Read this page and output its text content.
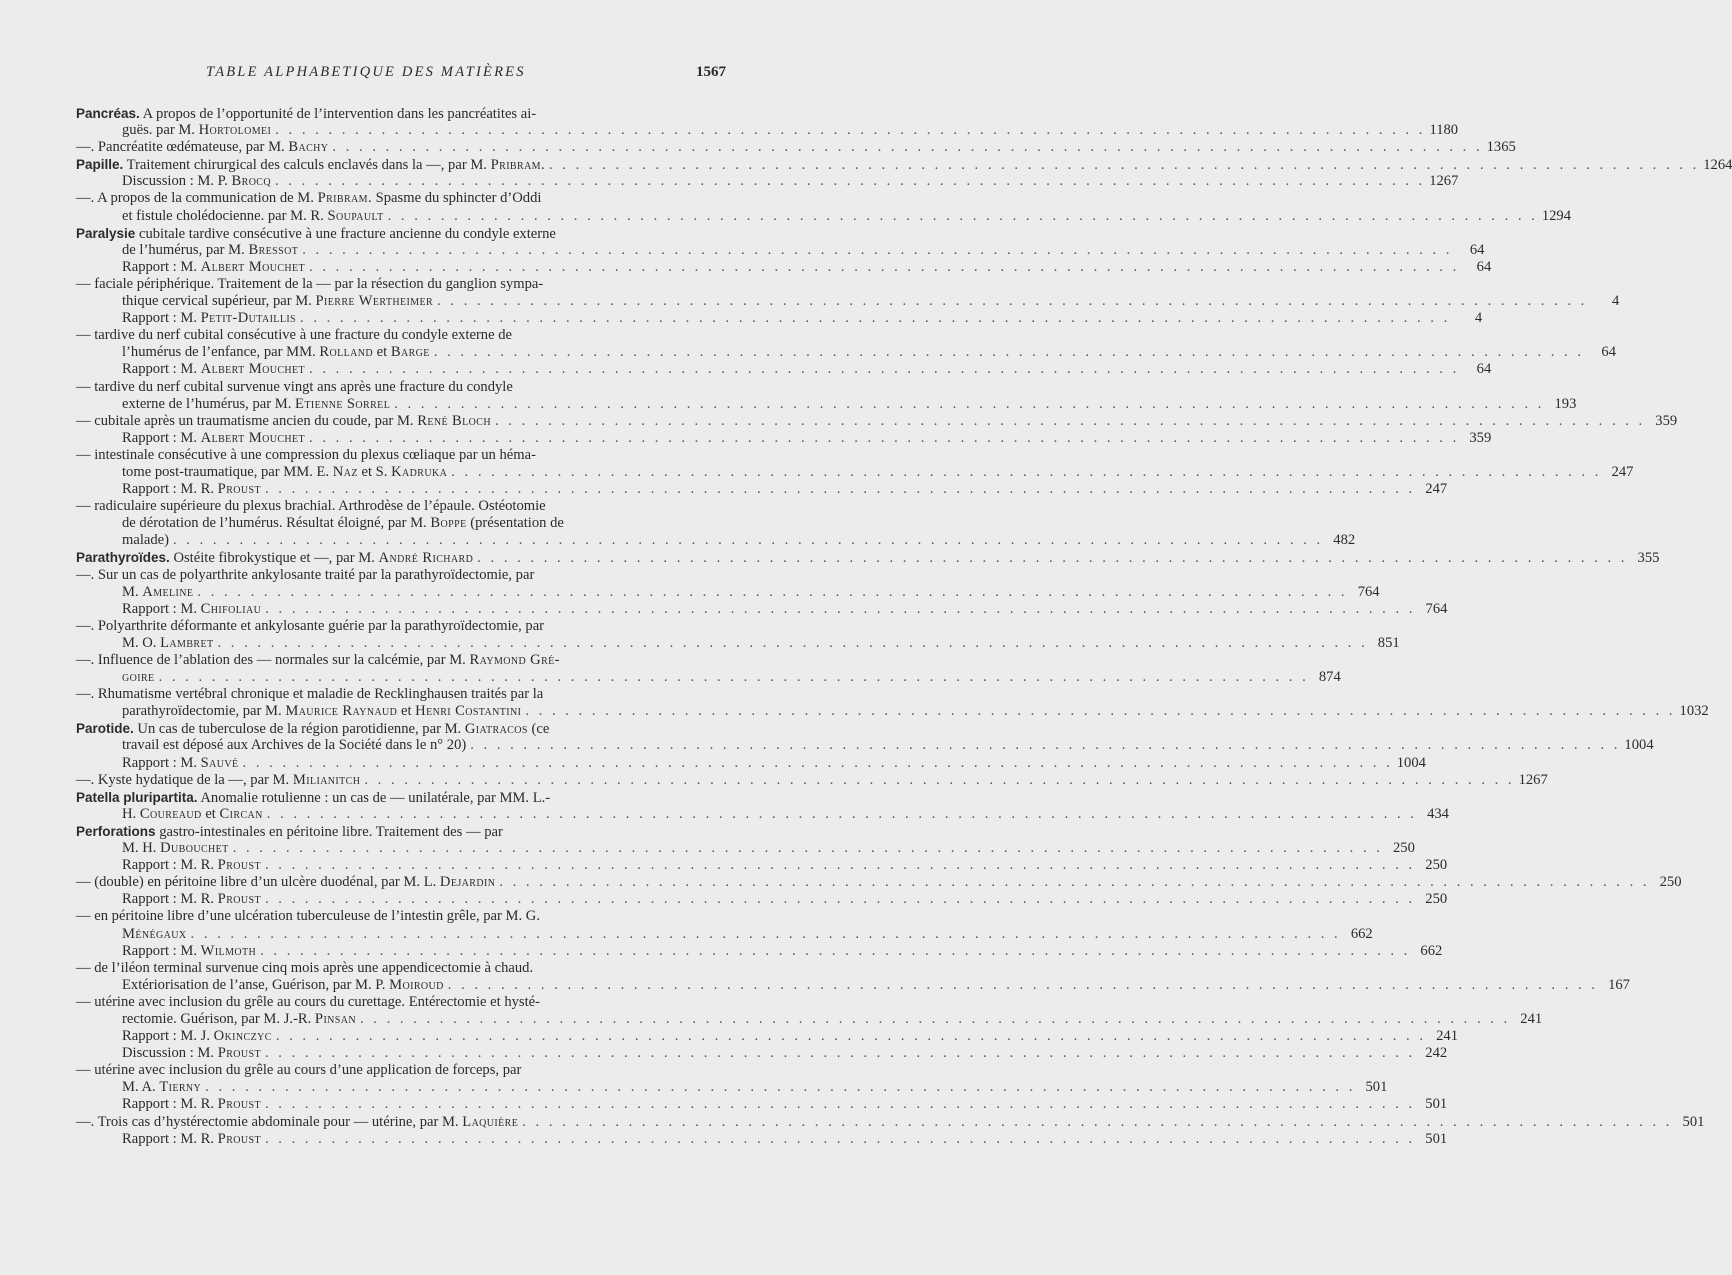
TABLE ALPHABETIQUE DES MATIÈRES	1567
Pancréas. A propos de l’opportunité de l’intervention dans les pancréatites ai-
guës. par M. Hortolomei . . . . . . . . . . . . . . . . . . . . . . . . . . . . . . . . . . . . . . . . . . . . . . . . . . . . . . . . . . . . . . . . . . . . . . . . . . . . . . . . . . . . . . . 1180
—. Pancréatite œdémateuse, par M. Bachy . . . . . . . . . . . . . . . . . . . . . . . . . . . . . . . . . . . . . . . . . . . . . . . . . . . . . . . . . . . . . . . . . . . . . . . . . . . . . . . . . . . . . . . 1365
Papille. Traitement chirurgical des calculs enclavés dans la —, par M. Pribram. . . . . . . . . . . . . . . . . . . . . . . . . . . . . . . . . . . . . . . . . . . . . . . . . . . . . . . . . . . . . . . . . . . . . . . . . . . . . . . . . . . . . . . . 1264
Discussion : M. P. Brocq . . . . . . . . . . . . . . . . . . . . . . . . . . . . . . . . . . . . . . . . . . . . . . . . . . . . . . . . . . . . . . . . . . . . . . . . . . . . . . . . . . . . . . . 1267
—. A propos de la communication de M. Pribram. Spasme du sphincter d’Oddi
et fistule cholédocienne. par M. R. Soupault . . . . . . . . . . . . . . . . . . . . . . . . . . . . . . . . . . . . . . . . . . . . . . . . . . . . . . . . . . . . . . . . . . . . . . . . . . . . . . . . . . . . . . . 1294
Paralysie cubitale tardive consécutive à une fracture ancienne du condyle externe
de l’humérus, par M. Bressot . . . . . . . . . . . . . . . . . . . . . . . . . . . . . . . . . . . . . . . . . . . . . . . . . . . . . . . . . . . . . . . . . . . . . . . . . . . . . . . . . . . . . . .	64
Rapport : M. Albert Mouchet . . . . . . . . . . . . . . . . . . . . . . . . . . . . . . . . . . . . . . . . . . . . . . . . . . . . . . . . . . . . . . . . . . . . . . . . . . . . . . . . . . . . . . .	64
— faciale périphérique. Traitement de la — par la résection du ganglion sympa-
thique cervical supérieur, par M. Pierre Wertheimer . . . . . . . . . . . . . . . . . . . . . . . . . . . . . . . . . . . . . . . . . . . . . . . . . . . . . . . . . . . . . . . . . . . . . . . . . . . . . . . . . . . . . . .	4
Rapport : M. Petit-Dutaillis . . . . . . . . . . . . . . . . . . . . . . . . . . . . . . . . . . . . . . . . . . . . . . . . . . . . . . . . . . . . . . . . . . . . . . . . . . . . . . . . . . . . . . .	4
— tardive du nerf cubital consécutive à une fracture du condyle externe de
l’humérus de l’enfance, par MM. Rolland et Barge . . . . . . . . . . . . . . . . . . . . . . . . . . . . . . . . . . . . . . . . . . . . . . . . . . . . . . . . . . . . . . . . . . . . . . . . . . . . . . . . . . . . . . .	64
Rapport : M. Albert Mouchet . . . . . . . . . . . . . . . . . . . . . . . . . . . . . . . . . . . . . . . . . . . . . . . . . . . . . . . . . . . . . . . . . . . . . . . . . . . . . . . . . . . . . . .	64
— tardive du nerf cubital survenue vingt ans après une fracture du condyle
externe de l’humérus, par M. Etienne Sorrel . . . . . . . . . . . . . . . . . . . . . . . . . . . . . . . . . . . . . . . . . . . . . . . . . . . . . . . . . . . . . . . . . . . . . . . . . . . . . . . . . . . . . . . 193
— cubitale après un traumatisme ancien du coude, par M. René Bloch . . . . . . . . . . . . . . . . . . . . . . . . . . . . . . . . . . . . . . . . . . . . . . . . . . . . . . . . . . . . . . . . . . . . . . . . . . . . . . . . . . . . . . . 359
Rapport : M. Albert Mouchet . . . . . . . . . . . . . . . . . . . . . . . . . . . . . . . . . . . . . . . . . . . . . . . . . . . . . . . . . . . . . . . . . . . . . . . . . . . . . . . . . . . . . . . 359
— intestinale consécutive à une compression du plexus cœliaque par un héma-
tome post-traumatique, par MM. E. Naz et S. Kadruka . . . . . . . . . . . . . . . . . . . . . . . . . . . . . . . . . . . . . . . . . . . . . . . . . . . . . . . . . . . . . . . . . . . . . . . . . . . . . . . . . . . . . . . 247
Rapport : M. R. Proust . . . . . . . . . . . . . . . . . . . . . . . . . . . . . . . . . . . . . . . . . . . . . . . . . . . . . . . . . . . . . . . . . . . . . . . . . . . . . . . . . . . . . . . 247
— radiculaire supérieure du plexus brachial. Arthrodèse de l’épaule. Ostéotomie
de dérotation de l’humérus. Résultat éloigné, par M. Boppe (présentation de
malade) . . . . . . . . . . . . . . . . . . . . . . . . . . . . . . . . . . . . . . . . . . . . . . . . . . . . . . . . . . . . . . . . . . . . . . . . . . . . . . . . . . . . . . . 482
Parathyroïdes. Ostéite fibrokystique et —, par M. André Richard . . . . . . . . . . . . . . . . . . . . . . . . . . . . . . . . . . . . . . . . . . . . . . . . . . . . . . . . . . . . . . . . . . . . . . . . . . . . . . . . . . . . . . . 355
—. Sur un cas de polyarthrite ankylosante traité par la parathyroïdectomie, par
M. Ameline . . . . . . . . . . . . . . . . . . . . . . . . . . . . . . . . . . . . . . . . . . . . . . . . . . . . . . . . . . . . . . . . . . . . . . . . . . . . . . . . . . . . . . . 764
Rapport : M. Chifoliau . . . . . . . . . . . . . . . . . . . . . . . . . . . . . . . . . . . . . . . . . . . . . . . . . . . . . . . . . . . . . . . . . . . . . . . . . . . . . . . . . . . . . . . 764
—. Polyarthrite déformante et ankylosante guérie par la parathyroïdectomie, par
M. O. Lambret . . . . . . . . . . . . . . . . . . . . . . . . . . . . . . . . . . . . . . . . . . . . . . . . . . . . . . . . . . . . . . . . . . . . . . . . . . . . . . . . . . . . . . . 851
—. Influence de l’ablation des — normales sur la calcémie, par M. Raymond Gré-
goire . . . . . . . . . . . . . . . . . . . . . . . . . . . . . . . . . . . . . . . . . . . . . . . . . . . . . . . . . . . . . . . . . . . . . . . . . . . . . . . . . . . . . . . 874
—. Rhumatisme vertébral chronique et maladie de Recklinghausen traités par la
parathyroïdectomie, par M. Maurice Raynaud et Henri Costantini . . . . . . . . . . . . . . . . . . . . . . . . . . . . . . . . . . . . . . . . . . . . . . . . . . . . . . . . . . . . . . . . . . . . . . . . . . . . . . . . . . . . . . . 1032
Parotide. Un cas de tuberculose de la région parotidienne, par M. Giatracos (ce
travail est déposé aux Archives de la Société dans le n° 20) . . . . . . . . . . . . . . . . . . . . . . . . . . . . . . . . . . . . . . . . . . . . . . . . . . . . . . . . . . . . . . . . . . . . . . . . . . . . . . . . . . . . . . . 1004
Rapport : M. Sauvé . . . . . . . . . . . . . . . . . . . . . . . . . . . . . . . . . . . . . . . . . . . . . . . . . . . . . . . . . . . . . . . . . . . . . . . . . . . . . . . . . . . . . . . 1004
—. Kyste hydatique de la —, par M. Milianitch . . . . . . . . . . . . . . . . . . . . . . . . . . . . . . . . . . . . . . . . . . . . . . . . . . . . . . . . . . . . . . . . . . . . . . . . . . . . . . . . . . . . . . . 1267
Patella pluripartita. Anomalie rotulienne : un cas de — unilatérale, par MM. L.-
H. Coureaud et Circan . . . . . . . . . . . . . . . . . . . . . . . . . . . . . . . . . . . . . . . . . . . . . . . . . . . . . . . . . . . . . . . . . . . . . . . . . . . . . . . . . . . . . . . 434
Perforations gastro-intestinales en péritoine libre. Traitement des — par
M. H. Dubouchet . . . . . . . . . . . . . . . . . . . . . . . . . . . . . . . . . . . . . . . . . . . . . . . . . . . . . . . . . . . . . . . . . . . . . . . . . . . . . . . . . . . . . . . 250
Rapport : M. R. Proust . . . . . . . . . . . . . . . . . . . . . . . . . . . . . . . . . . . . . . . . . . . . . . . . . . . . . . . . . . . . . . . . . . . . . . . . . . . . . . . . . . . . . . . 250
— (double) en péritoine libre d’un ulcère duodénal, par M. L. Dejardin . . . . . . . . . . . . . . . . . . . . . . . . . . . . . . . . . . . . . . . . . . . . . . . . . . . . . . . . . . . . . . . . . . . . . . . . . . . . . . . . . . . . . . . 250
Rapport : M. R. Proust . . . . . . . . . . . . . . . . . . . . . . . . . . . . . . . . . . . . . . . . . . . . . . . . . . . . . . . . . . . . . . . . . . . . . . . . . . . . . . . . . . . . . . . 250
— en péritoine libre d’une ulcération tuberculeuse de l’intestin grêle, par M. G.
Ménégaux . . . . . . . . . . . . . . . . . . . . . . . . . . . . . . . . . . . . . . . . . . . . . . . . . . . . . . . . . . . . . . . . . . . . . . . . . . . . . . . . . . . . . . . 662
Rapport : M. Wilmoth . . . . . . . . . . . . . . . . . . . . . . . . . . . . . . . . . . . . . . . . . . . . . . . . . . . . . . . . . . . . . . . . . . . . . . . . . . . . . . . . . . . . . . . 662
— de l’iléon terminal survenue cinq mois après une appendicectomie à chaud.
Extériorisation de l’anse, Guérison, par M. P. Moiroud . . . . . . . . . . . . . . . . . . . . . . . . . . . . . . . . . . . . . . . . . . . . . . . . . . . . . . . . . . . . . . . . . . . . . . . . . . . . . . . . . . . . . . . 167
— utérine avec inclusion du grêle au cours du curettage. Entérectomie et hysté-
rectomie. Guérison, par M. J.-R. Pinsan . . . . . . . . . . . . . . . . . . . . . . . . . . . . . . . . . . . . . . . . . . . . . . . . . . . . . . . . . . . . . . . . . . . . . . . . . . . . . . . . . . . . . . . 241
Rapport : M. J. Okinczyc . . . . . . . . . . . . . . . . . . . . . . . . . . . . . . . . . . . . . . . . . . . . . . . . . . . . . . . . . . . . . . . . . . . . . . . . . . . . . . . . . . . . . . . 241
Discussion : M. Proust . . . . . . . . . . . . . . . . . . . . . . . . . . . . . . . . . . . . . . . . . . . . . . . . . . . . . . . . . . . . . . . . . . . . . . . . . . . . . . . . . . . . . . . 242
— utérine avec inclusion du grêle au cours d’une application de forceps, par
M. A. Tierny . . . . . . . . . . . . . . . . . . . . . . . . . . . . . . . . . . . . . . . . . . . . . . . . . . . . . . . . . . . . . . . . . . . . . . . . . . . . . . . . . . . . . . . 501
Rapport : M. R. Proust . . . . . . . . . . . . . . . . . . . . . . . . . . . . . . . . . . . . . . . . . . . . . . . . . . . . . . . . . . . . . . . . . . . . . . . . . . . . . . . . . . . . . . . 501
—. Trois cas d’hystérectomie abdominale pour — utérine, par M. Laquière . . . . . . . . . . . . . . . . . . . . . . . . . . . . . . . . . . . . . . . . . . . . . . . . . . . . . . . . . . . . . . . . . . . . . . . . . . . . . . . . . . . . . . . 501
Rapport : M. R. Proust . . . . . . . . . . . . . . . . . . . . . . . . . . . . . . . . . . . . . . . . . . . . . . . . . . . . . . . . . . . . . . . . . . . . . . . . . . . . . . . . . . . . . . . 501
